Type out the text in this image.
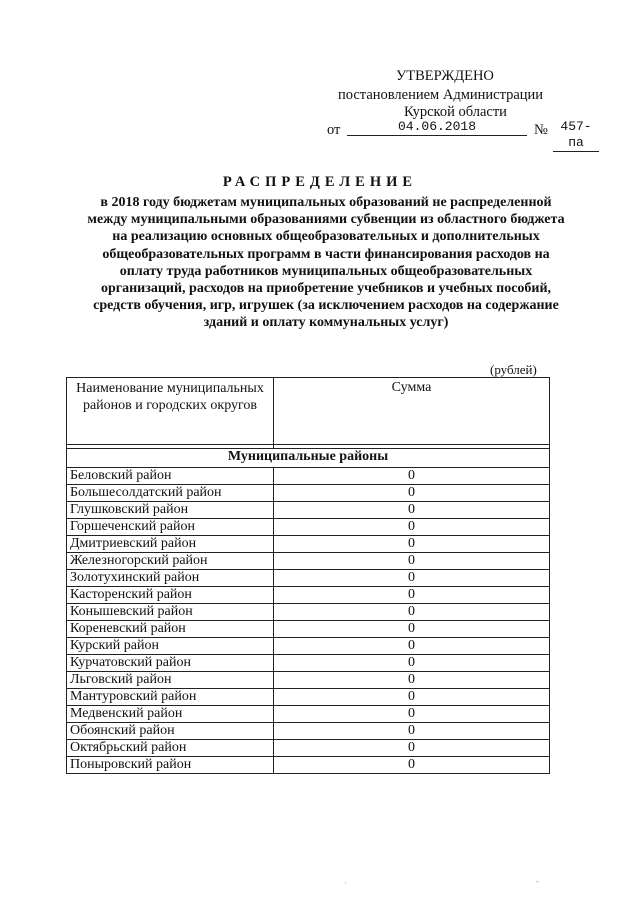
УТВЕРЖДЕНО
постановлением Администрации
Курской области
от	04.06.2018	№ 457-па
РАСПРЕДЕЛЕНИЕ
в 2018 году бюджетам муниципальных образований не распределенной между муниципальными образованиями субвенции из областного бюджета на реализацию основных общеобразовательных и дополнительных общеобразовательных программ в части финансирования расходов на оплату труда работников муниципальных общеобразовательных организаций, расходов на приобретение учебников и учебных пособий, средств обучения, игр, игрушек (за исключением расходов на содержание зданий и оплату коммунальных услуг)
(рублей)
Наименование муниципальных районов и городских округов	Сумма

Муниципальные районы	
Беловский район	0
Большесолдатский район	0
Глушковский район	0
Горшеченский район	0
Дмитриевский район	0
Железногорский район	0
Золотухинский район	0
Касторенский район	0
Конышевский район	0
Кореневский район	0
Курский район	0
Курчатовский район	0
Льговский район	0
Мантуровский район	0
Медвенский район	0
Обоянский район	0
Октябрьский район	0
Поныровский район	0
·	-
